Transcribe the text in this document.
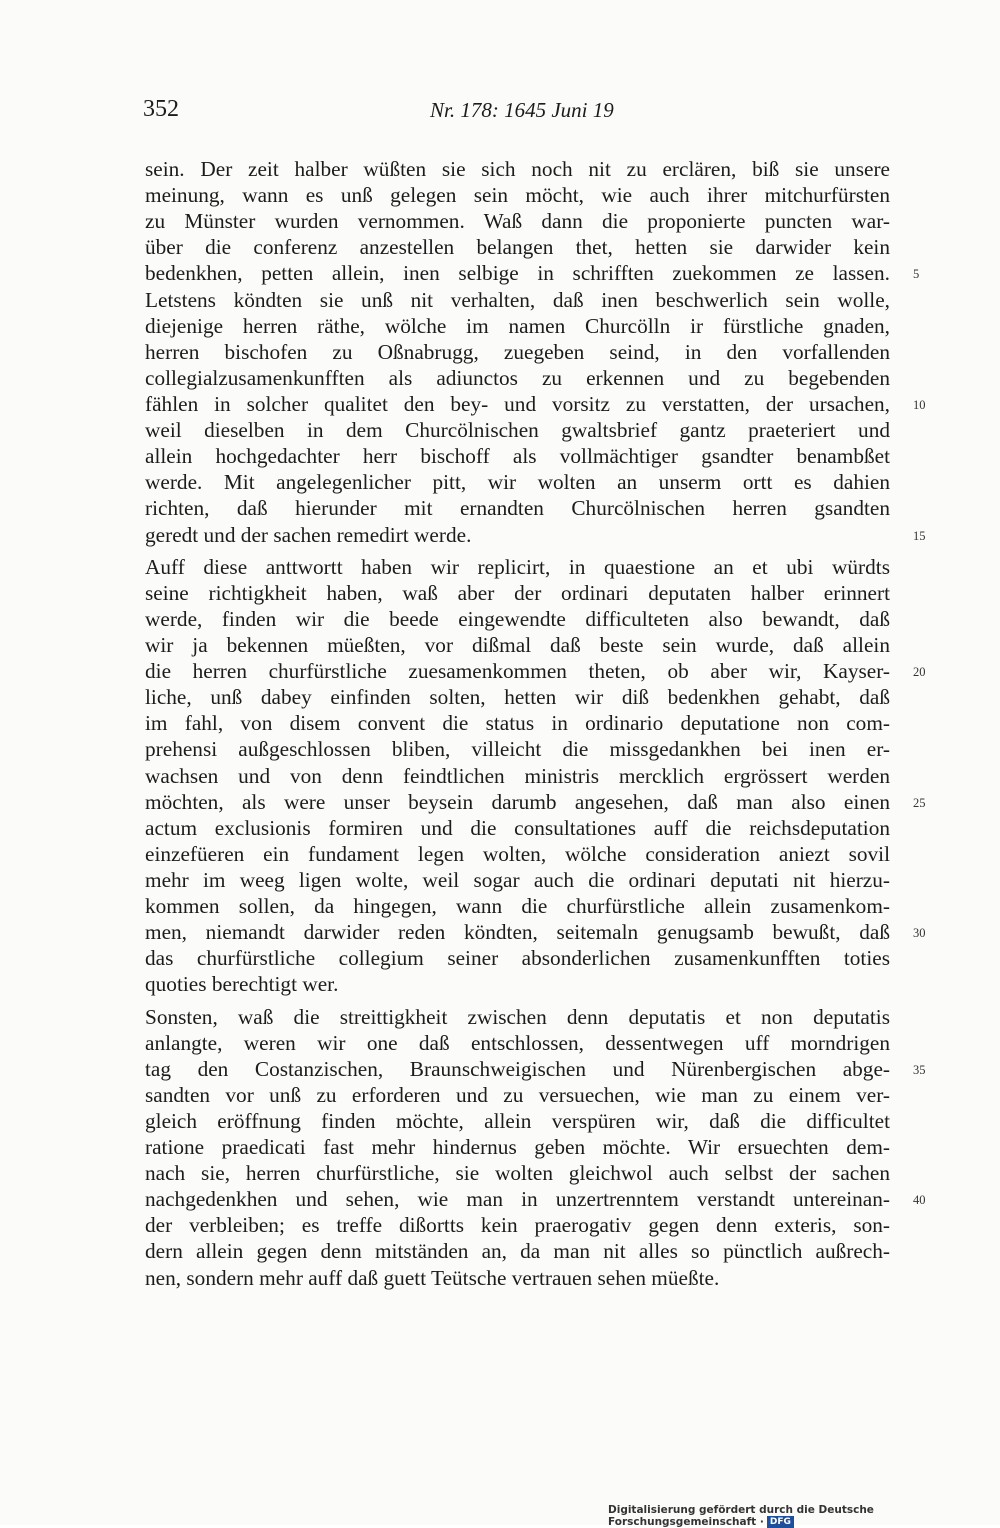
352	Nr. 178: 1645 Juni 19
sein. Der zeit halber wüßten sie sich noch nit zu erclären, biß sie unsere
meinung, wann es unß gelegen sein möcht, wie auch ihrer mitchurfürsten
zu Münster wurden vernommen. Waß dann die proponierte puncten war-
über die conferenz anzestellen belangen thet, hetten sie darwider kein
bedenkhen, petten allein, inen selbige in schrifften zuekommen ze lassen. 5
Letstens köndten sie unß nit verhalten, daß inen beschwerlich sein wolle,
diejenige herren räthe, wölche im namen Churcölln ir fürstliche gnaden,
herren bischofen zu Oßnabrugg, zuegeben seind, in den vorfallenden
collegialzusamenkunfften als adiunctos zu erkennen und zu begebenden
fählen in solcher qualitet den bey- und vorsitz zu verstatten, der ursachen, 10
weil dieselben in dem Churcölnischen gwaltsbrief gantz praeteriert und
allein hochgedachter herr bischoff als vollmächtiger gsandter benambßet
werde. Mit angelegenlicher pitt, wir wolten an unserm ortt es dahien
richten, daß hierunder mit ernandten Churcölnischen herren gsandten
geredt und der sachen remedirt werde.	15
Auff diese anttwortt haben wir replicirt, in quaestione an et ubi würdts
seine richtigkheit haben, waß aber der ordinari deputaten halber erinnert
werde, finden wir die beede eingewendte difficulteten also bewandt, daß
wir ja bekennen müeßten, vor dißmal daß beste sein wurde, daß allein
die herren churfürstliche zuesamenkommen theten, ob aber wir, Kayser- 20
liche, unß dabey einfinden solten, hetten wir diß bedenkhen gehabt, daß
im fahl, von disem convent die status in ordinario deputatione non com-
prehensi außgeschlossen bliben, villeicht die missgedankhen bei inen er-
wachsen und von denn feindtlichen ministris mercklich ergrössert werden
möchten, als were unser beysein darumb angesehen, daß man also einen 25
actum exclusionis formiren und die consultationes auff die reichsdeputation
einzefüeren ein fundament legen wolten, wölche consideration aniezt sovil
mehr im weeg ligen wolte, weil sogar auch die ordinari deputati nit hierzu-
kommen sollen, da hingegen, wann die churfürstliche allein zusamenkom-
men, niemandt darwider reden köndten, seitemaln genugsamb bewußt, daß 30
das churfürstliche collegium seiner absonderlichen zusamenkunfften toties
quoties berechtigt wer.
Sonsten, waß die streittigkheit zwischen denn deputatis et non deputatis
anlangte, weren wir one daß entschlossen, dessentwegen uff morndrigen
tag den Costanzischen, Braunschweigischen und Nürenbergischen abge- 35
sandten vor unß zu erforderen und zu versuechen, wie man zu einem ver-
gleich eröffnung finden möchte, allein verspüren wir, daß die difficultet
ratione praedicati fast mehr hindernus geben möchte. Wir ersuechten dem-
nach sie, herren churfürstliche, sie wolten gleichwol auch selbst der sachen
nachgedenkhen und sehen, wie man in unzertrenntem verstandt untereinan- 40
der verbleiben; es treffe dißortts kein praerogativ gegen denn exteris, son-
dern allein gegen denn mitständen an, da man nit alles so pünctlich außrech-
nen, sondern mehr auff daß guett Teütsche vertrauen sehen müeßte.
Digitalisierung gefördert durch die Deutsche Forschungsgemeinschaft · DFG
